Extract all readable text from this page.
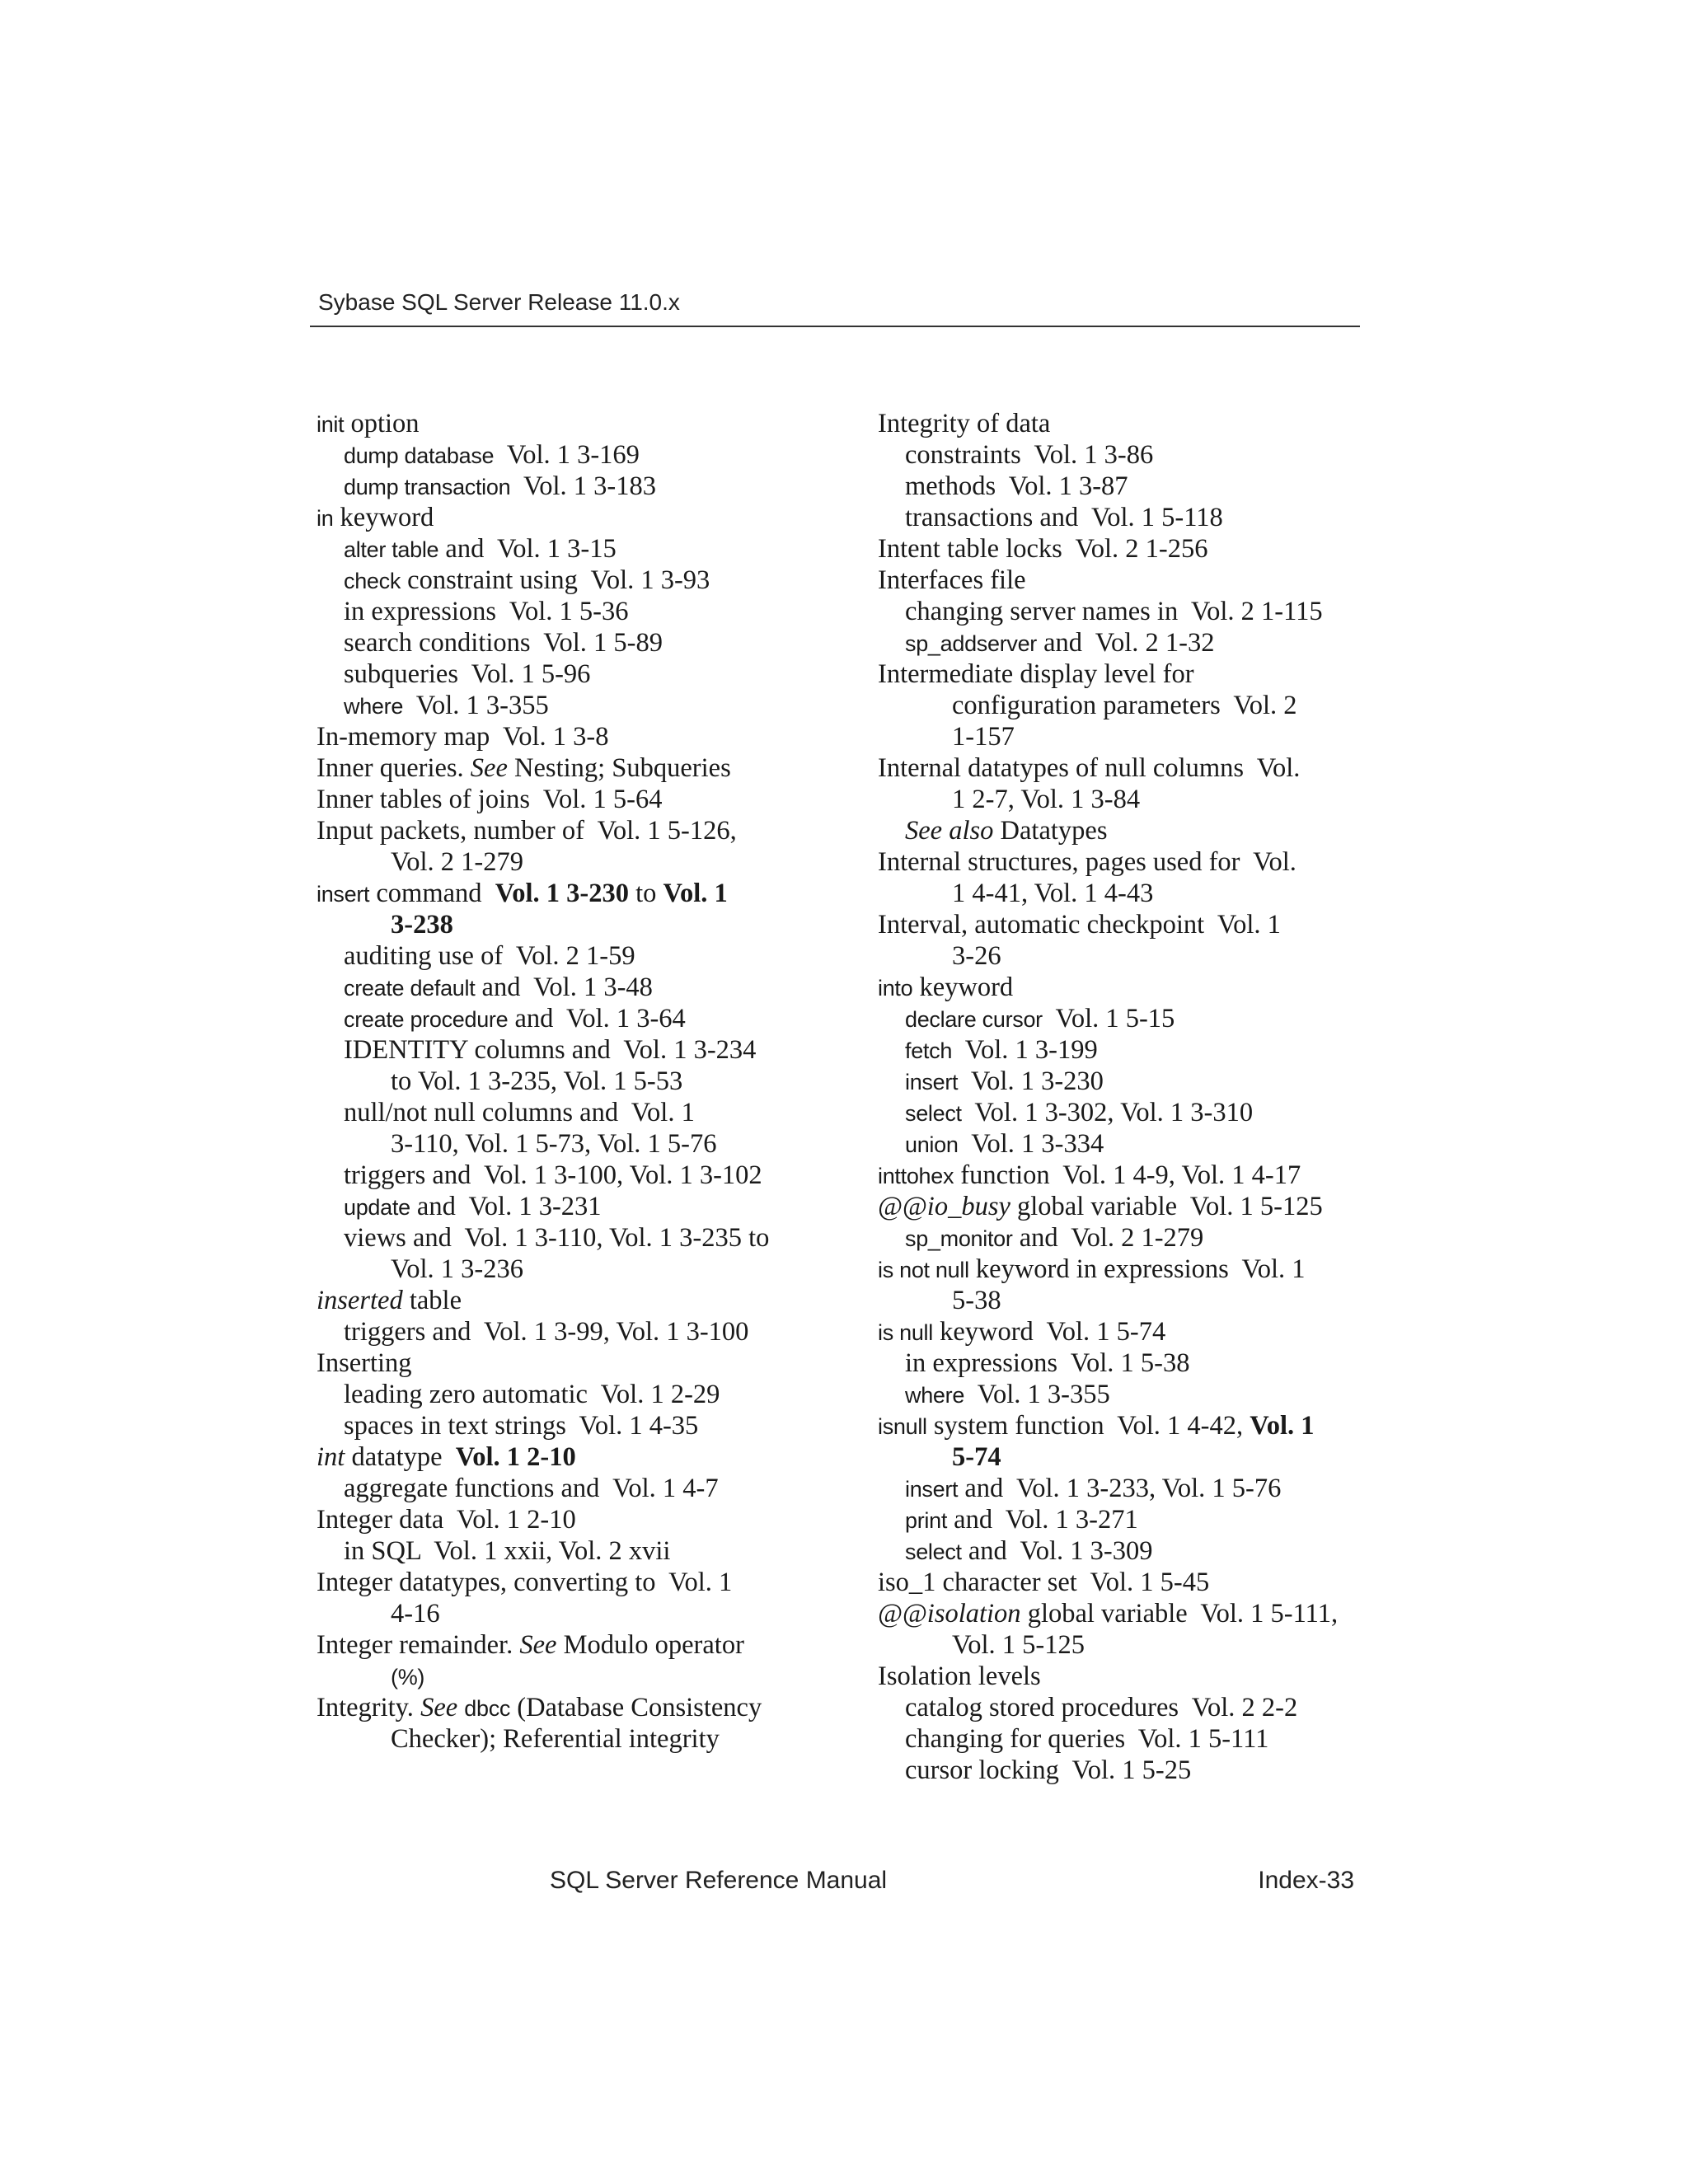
Sybase SQL Server Release 11.0.x
init option
dump database  Vol. 1 3-169
dump transaction  Vol. 1 3-183
in keyword
alter table and  Vol. 1 3-15
check constraint using  Vol. 1 3-93
in expressions  Vol. 1 5-36
search conditions  Vol. 1 5-89
subqueries  Vol. 1 5-96
where  Vol. 1 3-355
In-memory map  Vol. 1 3-8
Inner queries. See Nesting; Subqueries
Inner tables of joins  Vol. 1 5-64
Input packets, number of  Vol. 1 5-126,
Vol. 2 1-279
insert command  Vol. 1 3-230 to Vol. 1
3-238
auditing use of  Vol. 2 1-59
create default and  Vol. 1 3-48
create procedure and  Vol. 1 3-64
IDENTITY columns and  Vol. 1 3-234
to Vol. 1 3-235, Vol. 1 5-53
null/not null columns and  Vol. 1
3-110, Vol. 1 5-73, Vol. 1 5-76
triggers and  Vol. 1 3-100, Vol. 1 3-102
update and  Vol. 1 3-231
views and  Vol. 1 3-110, Vol. 1 3-235 to
Vol. 1 3-236
inserted table
triggers and  Vol. 1 3-99, Vol. 1 3-100
Inserting
leading zero automatic  Vol. 1 2-29
spaces in text strings  Vol. 1 4-35
int datatype  Vol. 1 2-10
aggregate functions and  Vol. 1 4-7
Integer data  Vol. 1 2-10
in SQL  Vol. 1 xxii, Vol. 2 xvii
Integer datatypes, converting to  Vol. 1
4-16
Integer remainder. See Modulo operator
(%)
Integrity. See dbcc (Database Consistency
Checker); Referential integrity
Integrity of data
constraints  Vol. 1 3-86
methods  Vol. 1 3-87
transactions and  Vol. 1 5-118
Intent table locks  Vol. 2 1-256
Interfaces file
changing server names in  Vol. 2 1-115
sp_addserver and  Vol. 2 1-32
Intermediate display level for
configuration parameters  Vol. 2
1-157
Internal datatypes of null columns  Vol.
1 2-7, Vol. 1 3-84
See also Datatypes
Internal structures, pages used for  Vol.
1 4-41, Vol. 1 4-43
Interval, automatic checkpoint  Vol. 1
3-26
into keyword
declare cursor  Vol. 1 5-15
fetch  Vol. 1 3-199
insert  Vol. 1 3-230
select  Vol. 1 3-302, Vol. 1 3-310
union  Vol. 1 3-334
inttohex function  Vol. 1 4-9, Vol. 1 4-17
@@io_busy global variable  Vol. 1 5-125
sp_monitor and  Vol. 2 1-279
is not null keyword in expressions  Vol. 1
5-38
is null keyword  Vol. 1 5-74
in expressions  Vol. 1 5-38
where  Vol. 1 3-355
isnull system function  Vol. 1 4-42, Vol. 1
5-74
insert and  Vol. 1 3-233, Vol. 1 5-76
print and  Vol. 1 3-271
select and  Vol. 1 3-309
iso_1 character set  Vol. 1 5-45
@@isolation global variable  Vol. 1 5-111,
Vol. 1 5-125
Isolation levels
catalog stored procedures  Vol. 2 2-2
changing for queries  Vol. 1 5-111
cursor locking  Vol. 1 5-25
SQL Server Reference Manual	Index-33
